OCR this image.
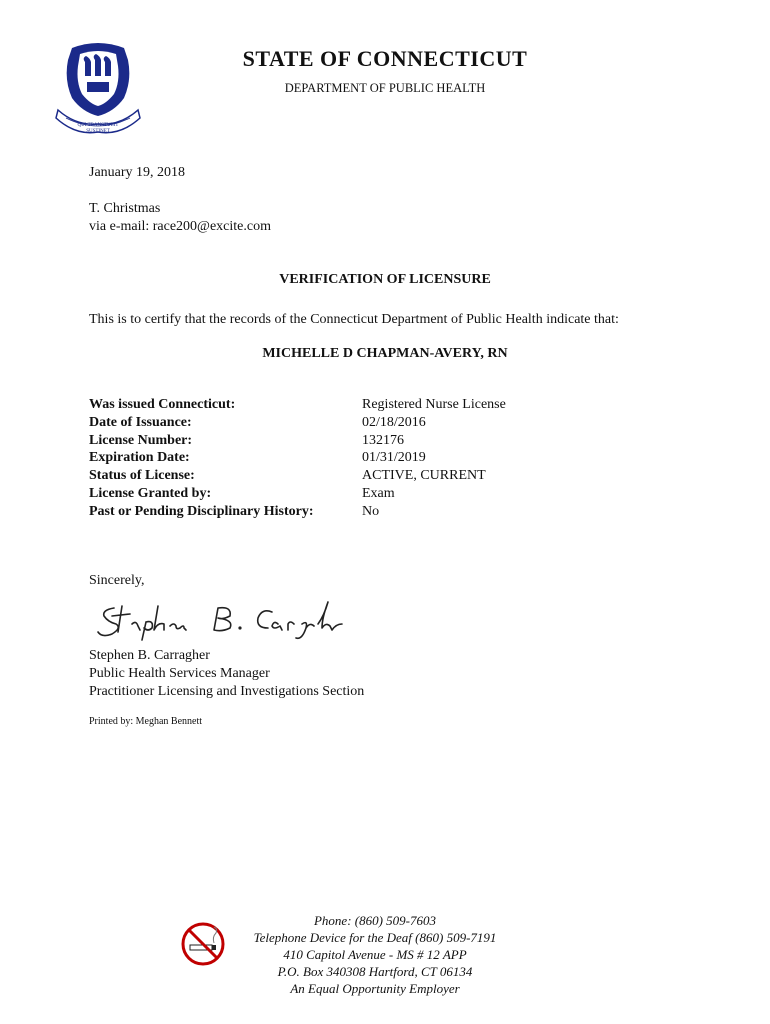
QUI TRANSTULIT
SUSTINET
STATE OF CONNECTICUT
DEPARTMENT OF PUBLIC HEALTH
January 19, 2018
T. Christmas
via e-mail: race200@excite.com
VERIFICATION OF LICENSURE
This is to certify that the records of the Connecticut Department of Public Health indicate that:
MICHELLE D CHAPMAN-AVERY, RN
Was issued Connecticut:
Date of Issuance:
License Number:
Expiration Date:
Status of License:
License Granted by:
Past or Pending Disciplinary History:
Registered Nurse License
02/18/2016
132176
01/31/2019
ACTIVE, CURRENT
Exam
No
Sincerely,
Stephen B. Carragher
Stephen B. Carragher
Public Health Services Manager
Practitioner Licensing and Investigations Section
Printed by: Meghan Bennett
Phone: (860) 509-7603
Telephone Device for the Deaf (860) 509-7191
410 Capitol Avenue - MS # 12 APP
P.O. Box 340308 Hartford, CT 06134
An Equal Opportunity Employer
